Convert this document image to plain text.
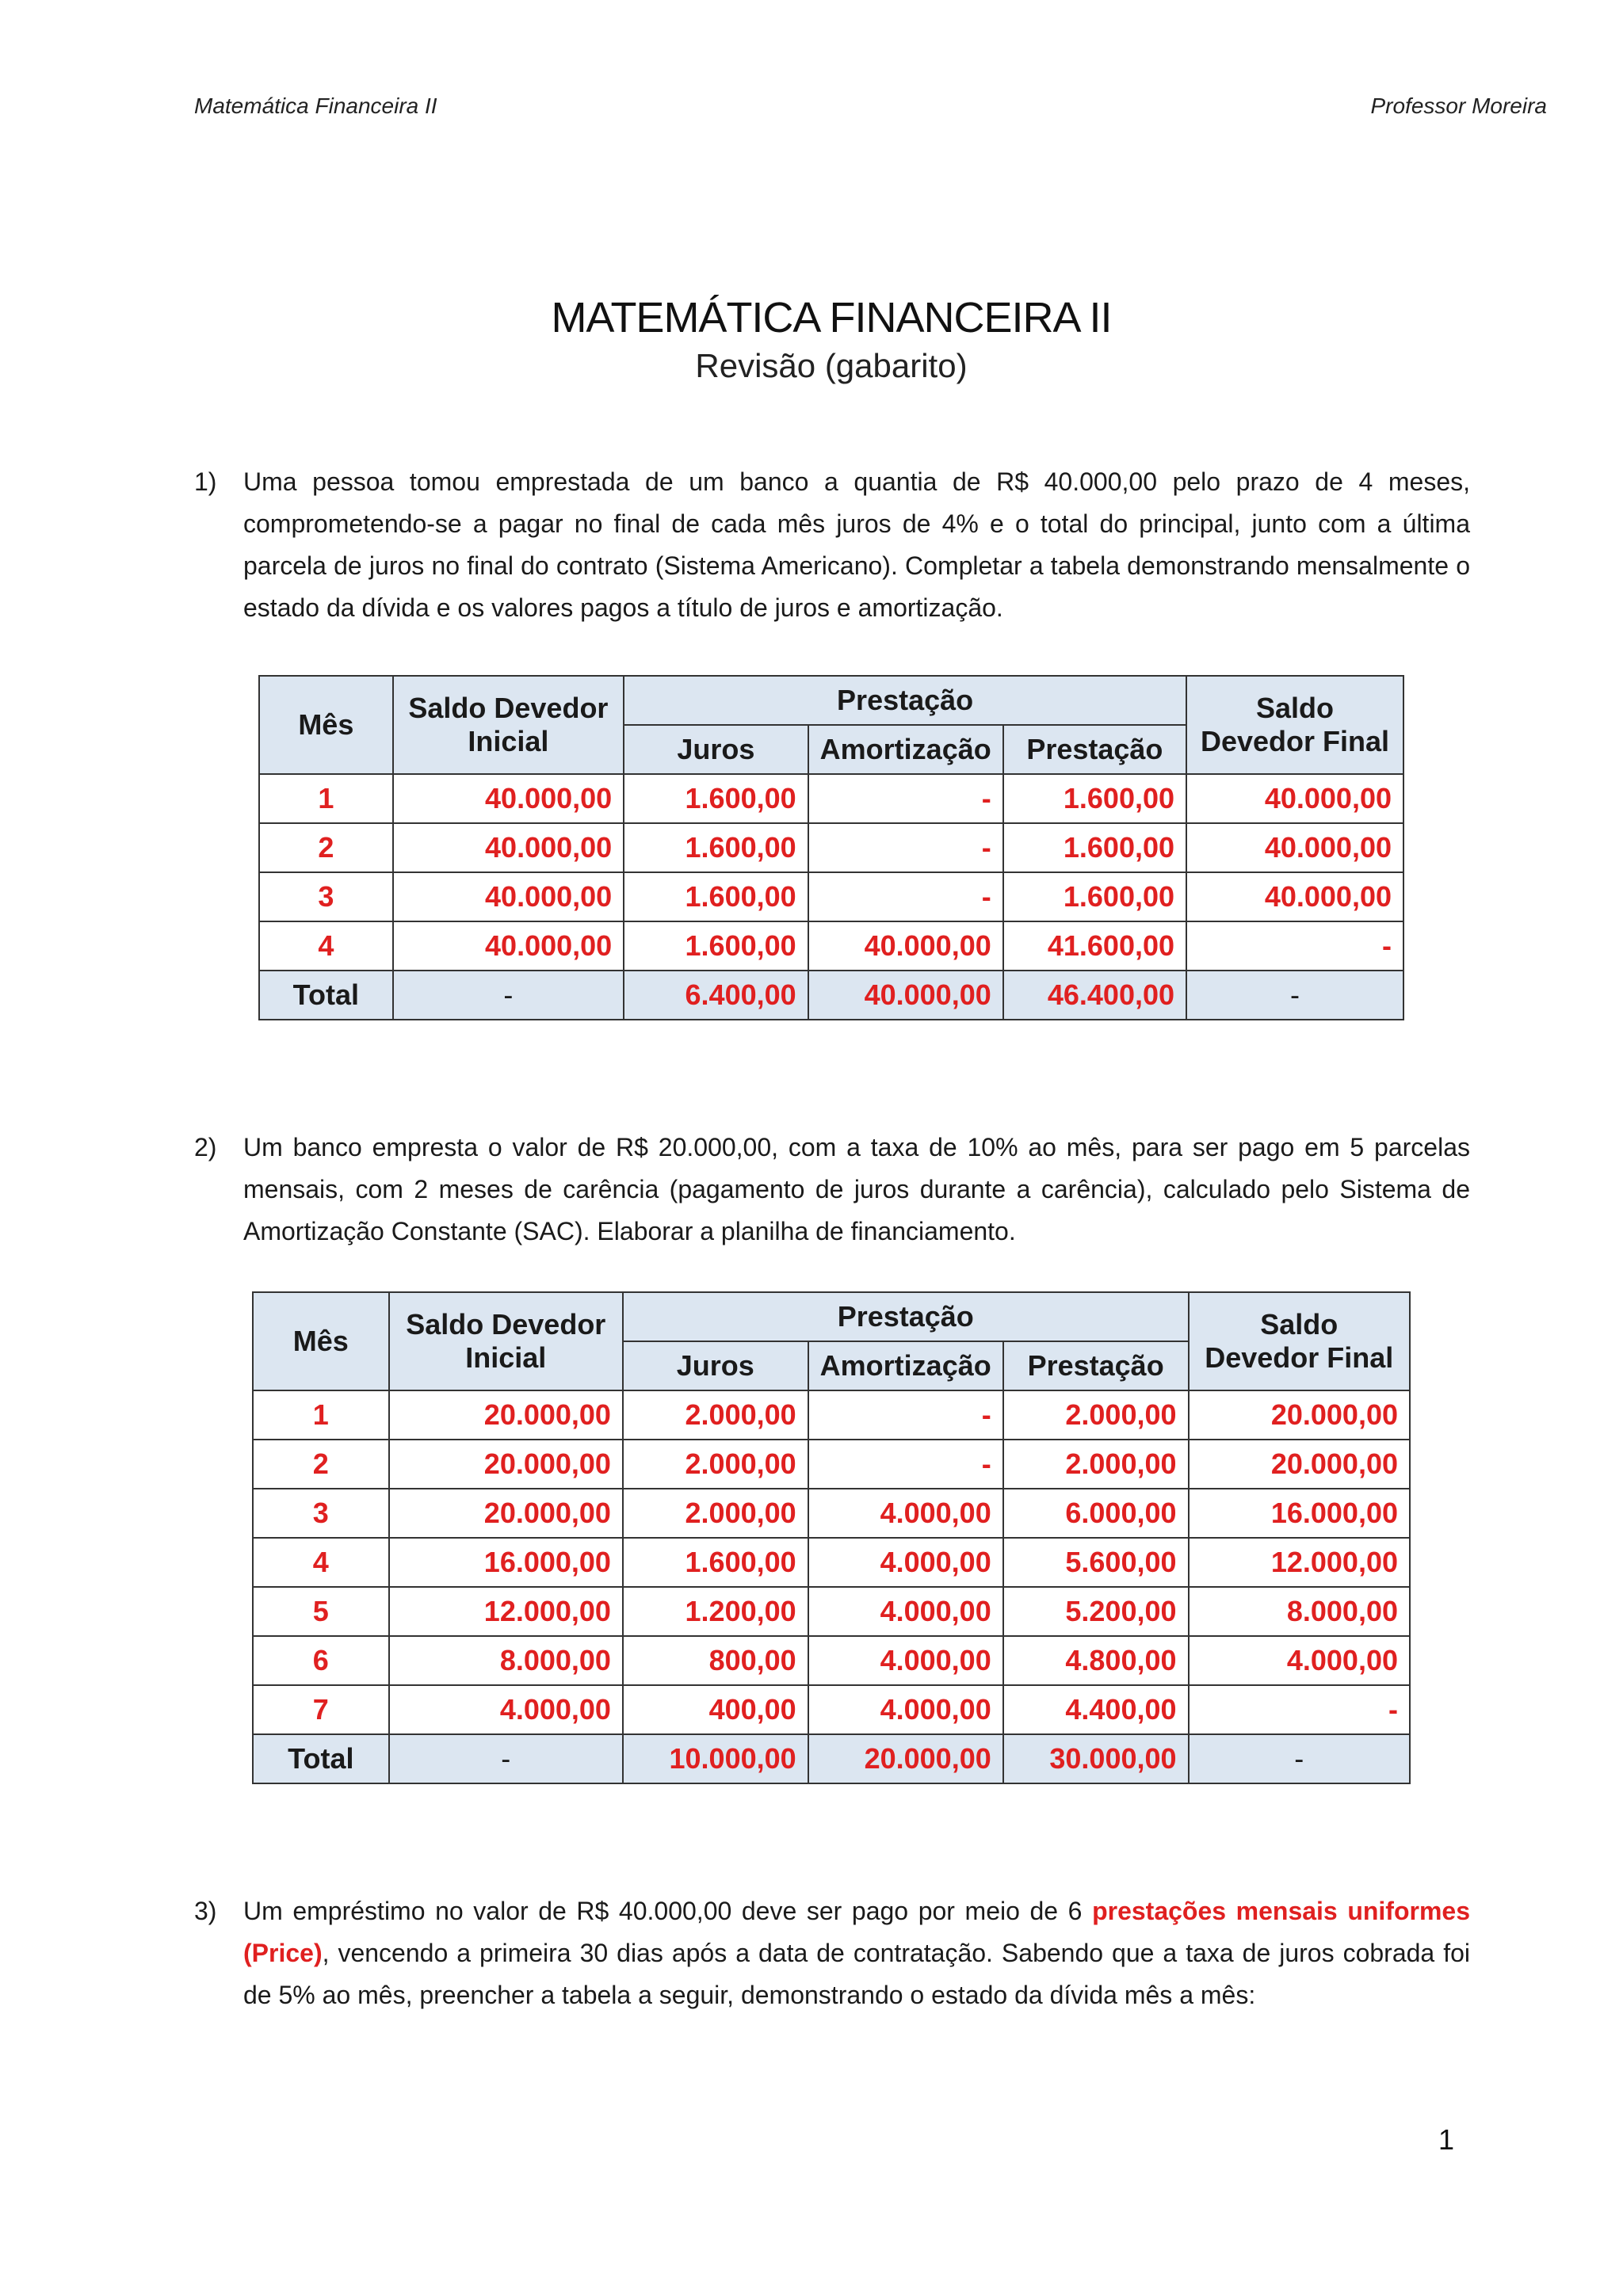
Matemática Financeira II	Professor Moreira
MATEMÁTICA FINANCEIRA II
Revisão (gabarito)
1) Uma pessoa tomou emprestada de um banco a quantia de R$ 40.000,00 pelo prazo de 4 meses, comprometendo-se a pagar no final de cada mês juros de 4% e o total do principal, junto com a última parcela de juros no final do contrato (Sistema Americano). Completar a tabela demonstrando mensalmente o estado da dívida e os valores pagos a título de juros e amortização.
Mês	Saldo Devedor Inicial	Prestação			Saldo Devedor Final
		Juros	Amortização	Prestação	
1	40.000,00	1.600,00	-	1.600,00	40.000,00
2	40.000,00	1.600,00	-	1.600,00	40.000,00
3	40.000,00	1.600,00	-	1.600,00	40.000,00
4	40.000,00	1.600,00	40.000,00	41.600,00	-
Total	-	6.400,00	40.000,00	46.400,00	-
2) Um banco empresta o valor de R$ 20.000,00, com a taxa de 10% ao mês, para ser pago em 5 parcelas mensais, com 2 meses de carência (pagamento de juros durante a carência), calculado pelo Sistema de Amortização Constante (SAC). Elaborar a planilha de financiamento.
Mês	Saldo Devedor Inicial	Prestação			Saldo Devedor Final
		Juros	Amortização	Prestação	
1	20.000,00	2.000,00	-	2.000,00	20.000,00
2	20.000,00	2.000,00	-	2.000,00	20.000,00
3	20.000,00	2.000,00	4.000,00	6.000,00	16.000,00
4	16.000,00	1.600,00	4.000,00	5.600,00	12.000,00
5	12.000,00	1.200,00	4.000,00	5.200,00	8.000,00
6	8.000,00	800,00	4.000,00	4.800,00	4.000,00
7	4.000,00	400,00	4.000,00	4.400,00	-
Total	-	10.000,00	20.000,00	30.000,00	-
3) Um empréstimo no valor de R$ 40.000,00 deve ser pago por meio de 6 prestações mensais uniformes (Price), vencendo a primeira 30 dias após a data de contratação. Sabendo que a taxa de juros cobrada foi de 5% ao mês, preencher a tabela a seguir, demonstrando o estado da dívida mês a mês:
1
